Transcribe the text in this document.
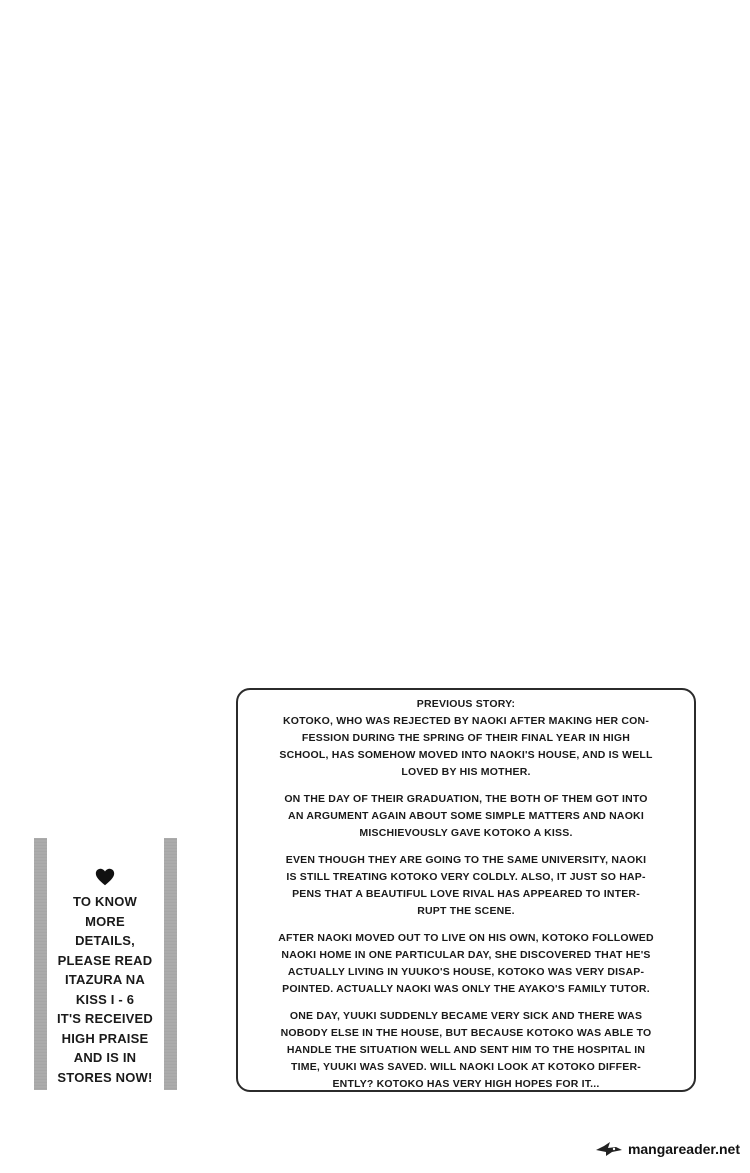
PREVIOUS STORY:

KOTOKO, WHO WAS REJECTED BY NAOKI AFTER MAKING HER CON-
FESSION DURING THE SPRING OF THEIR FINAL YEAR IN HIGH
SCHOOL, HAS SOMEHOW MOVED INTO NAOKI'S HOUSE, AND IS WELL
LOVED BY HIS MOTHER.

ON THE DAY OF THEIR GRADUATION, THE BOTH OF THEM GOT INTO
AN ARGUMENT AGAIN ABOUT SOME SIMPLE MATTERS AND NAOKI
MISCHIEVOUSLY GAVE KOTOKO A KISS.

EVEN THOUGH THEY ARE GOING TO THE SAME UNIVERSITY, NAOKI
IS STILL TREATING KOTOKO VERY COLDLY. ALSO, IT JUST SO HAP-
PENS THAT A BEAUTIFUL LOVE RIVAL HAS APPEARED TO INTER-
RUPT THE SCENE.

AFTER NAOKI MOVED OUT TO LIVE ON HIS OWN, KOTOKO FOLLOWED
NAOKI HOME IN ONE PARTICULAR DAY, SHE DISCOVERED THAT HE'S
ACTUALLY LIVING IN YUUKO'S HOUSE, KOTOKO WAS VERY DISAP-
POINTED. ACTUALLY NAOKI WAS ONLY THE AYAKO'S FAMILY TUTOR.

ONE DAY, YUUKI SUDDENLY BECAME VERY SICK AND THERE WAS
NOBODY ELSE IN THE HOUSE, BUT BECAUSE KOTOKO WAS ABLE TO
HANDLE THE SITUATION WELL AND SENT HIM TO THE HOSPITAL IN
TIME, YUUKI WAS SAVED. WILL NAOKI LOOK AT KOTOKO DIFFER-
ENTLY? KOTOKO HAS VERY HIGH HOPES FOR IT...

TO KNOW MORE
DETAILS,
PLEASE READ
ITAZURA NA
KISS I - 6
IT'S RECEIVED
HIGH PRAISE
AND IS IN
STORES NOW!
mangareader.net
